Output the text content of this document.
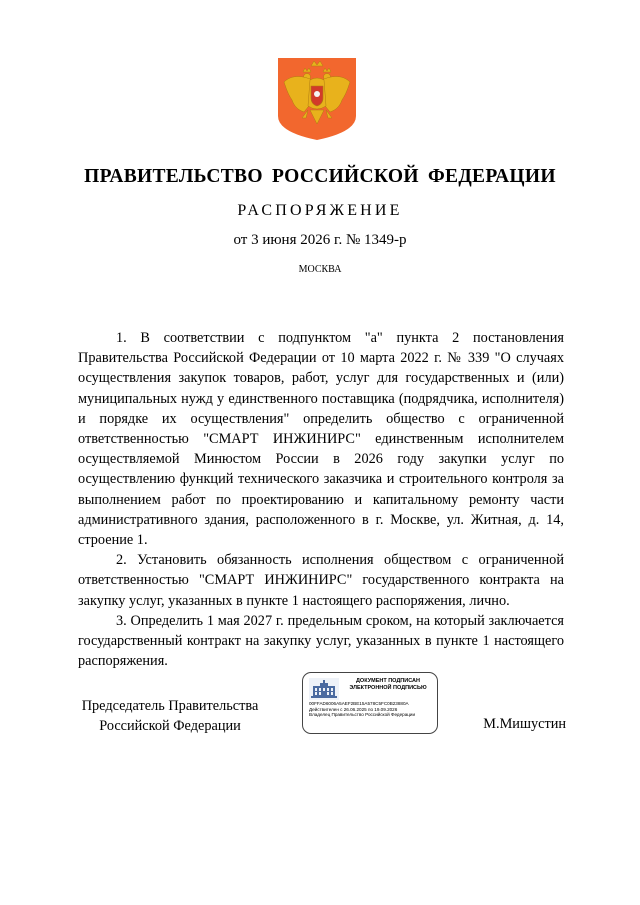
ПРАВИТЕЛЬСТВО РОССИЙСКОЙ ФЕДЕРАЦИИ
РАСПОРЯЖЕНИЕ
от 3 июня 2026 г. № 1349-р
МОСКВА

1. В соответствии с подпунктом "а" пункта 2 постановления Правительства Российской Федерации от 10 марта 2022 г. № 339 "О случаях осуществления закупок товаров, работ, услуг для государственных и (или) муниципальных нужд у единственного поставщика (подрядчика, исполнителя) и порядке их осуществления" определить общество с ограниченной ответственностью "СМАРТ ИНЖИНИРС" единственным исполнителем осуществляемой Минюстом России в 2026 году закупки услуг по осуществлению функций технического заказчика и строительного контроля за выполнением работ по проектированию и капитальному ремонту части административного здания, расположенного в г. Москве, ул. Житная, д. 14, строение 1.

2. Установить обязанность исполнения обществом с ограниченной ответственностью "СМАРТ ИНЖИНИРС" государственного контракта на закупку услуг, указанных в пункте 1 настоящего распоряжения, лично.

3. Определить 1 мая 2027 г. предельным сроком, на который заключается государственный контракт на закупку услуг, указанных в пункте 1 настоящего распоряжения.

Председатель Правительства
Российской Федерации
ДОКУМЕНТ ПОДПИСАН
ЭЛЕКТРОННОЙ ПОДПИСЬЮ
00FFAD6006A5AEF2BE15A578C5FC0B23880A
Действителен с 26.06.2025 по 19.09.2026
Владелец Правительство Российской Федерации
М.Мишустин
